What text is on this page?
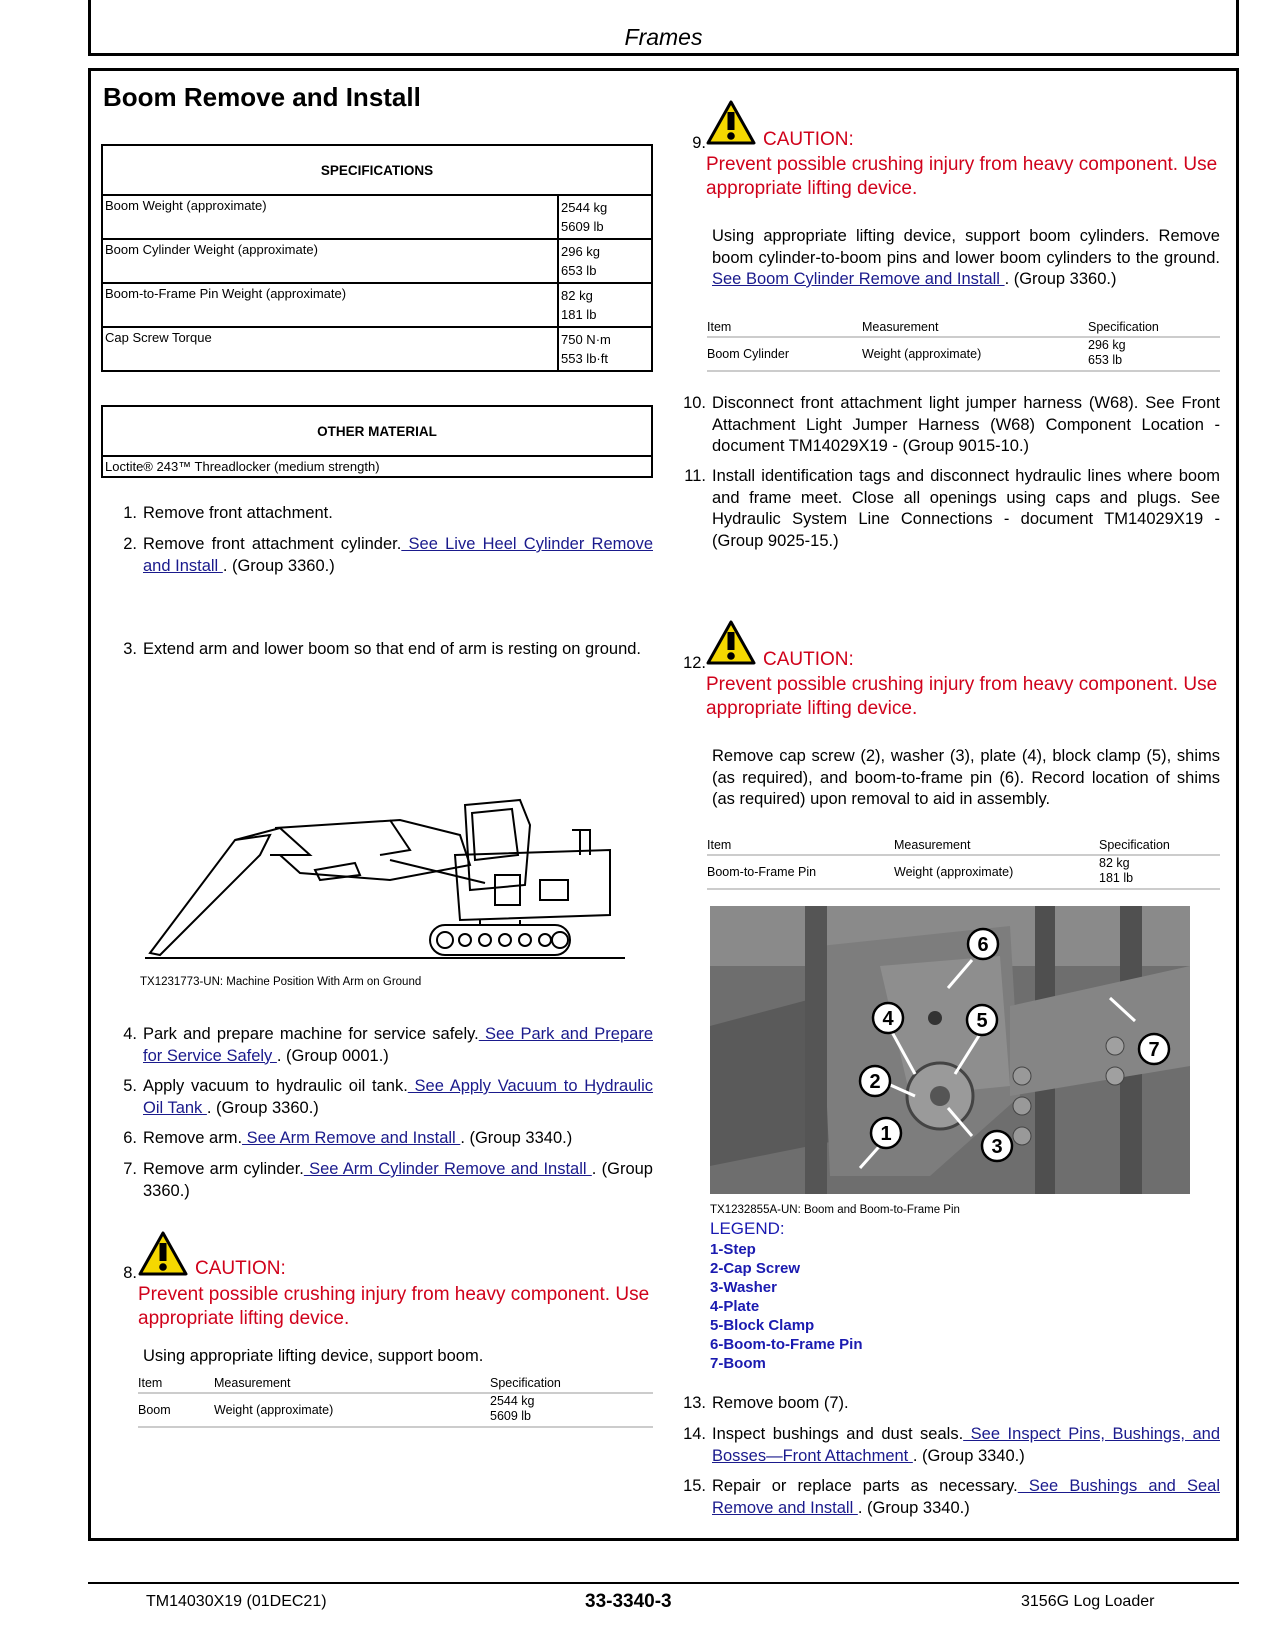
Frames
Boom Remove and Install
SPECIFICATIONS	
Boom Weight (approximate)	2544 kg
5609 lb

Boom Cylinder Weight (approximate)	296 kg
653 lb

Boom-to-Frame Pin Weight (approximate)	82 kg
181 lb

Cap Screw Torque	750 N·m
553 lb·ft
OTHER MATERIAL
Loctite® 243™ Threadlocker (medium strength)
1. Remove front attachment.
2. Remove front attachment cylinder. See Live Heel Cylinder Remove and Install . (Group 3360.)
3. Extend arm and lower boom so that end of arm is resting on ground.
TX1231773-UN: Machine Position With Arm on Ground
4. Park and prepare machine for service safely. See Park and Prepare for Service Safely . (Group 0001.)
5. Apply vacuum to hydraulic oil tank. See Apply Vacuum to Hydraulic Oil Tank . (Group 3360.)
6. Remove arm. See Arm Remove and Install . (Group 3340.)
7. Remove arm cylinder. See Arm Cylinder Remove and Install . (Group 3360.)
8.	CAUTION:
Prevent possible crushing injury from heavy component. Use appropriate lifting device.
Using appropriate lifting device, support boom.
Item	Measurement	Specification
Boom	Weight (approximate)
2544 kg
5609 lb
9.	CAUTION:
Prevent possible crushing injury from heavy component. Use appropriate lifting device.
Using appropriate lifting device, support boom cylinders. Remove boom cylinder-to-boom pins and lower boom cylinders to the ground. See Boom Cylinder Remove and Install . (Group 3360.)
Item	Measurement	Specification
Boom Cylinder	Weight (approximate)
296 kg
653 lb
10. Disconnect front attachment light jumper harness (W68). See Front Attachment Light Jumper Harness (W68) Component Location - document TM14029X19 - (Group 9015-10.)
11. Install identification tags and disconnect hydraulic lines where boom and frame meet. Close all openings using caps and plugs. See Hydraulic System Line Connections - document TM14029X19 - (Group 9025-15.)
12.	CAUTION:
Prevent possible crushing injury from heavy component. Use appropriate lifting device.
Remove cap screw (2), washer (3), plate (4), block clamp (5), shims (as required), and boom-to-frame pin (6). Record location of shims (as required) upon removal to aid in assembly.
Item	Measurement	Specification
Boom-to-Frame Pin	Weight (approximate)
82 kg
181 lb
6
4	5
2
1
3
7
TX1232855A-UN: Boom and Boom-to-Frame Pin
LEGEND:
1-Step
2-Cap Screw
3-Washer
4-Plate
5-Block Clamp
6-Boom-to-Frame Pin
7-Boom
13. Remove boom (7).
14. Inspect bushings and dust seals. See Inspect Pins, Bushings, and Bosses—Front Attachment . (Group 3340.)
15. Repair or replace parts as necessary. See Bushings and Seal Remove and Install . (Group 3340.)
TM14030X19 (01DEC21)	33-3340-3	3156G Log Loader
